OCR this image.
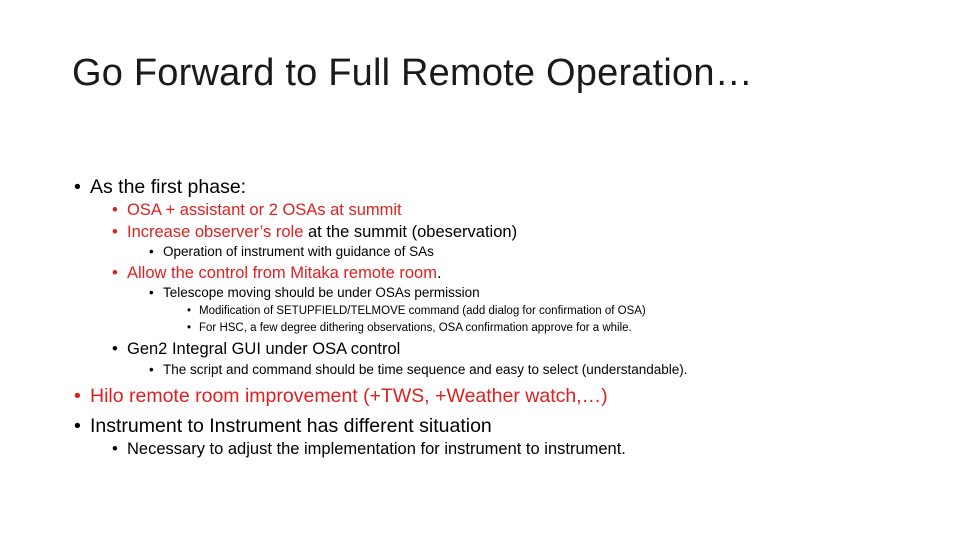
Go Forward to Full Remote Operation…
• As the first phase:
• OSA + assistant or 2 OSAs at summit
• Increase observer’s role at the summit (obeservation)
• Operation of instrument with guidance of SAs
• Allow the control from Mitaka remote room.
• Telescope moving should be under OSAs permission
• Modification of SETUPFIELD/TELMOVE command (add dialog for confirmation of OSA)
• For HSC, a few degree dithering observations, OSA confirmation approve for a while.
• Gen2 Integral GUI under OSA control
• The script and command should be time sequence and easy to select (understandable).
• Hilo remote room improvement (+TWS, +Weather watch,…)
• Instrument to Instrument has different situation
• Necessary to adjust the implementation for instrument to instrument.
